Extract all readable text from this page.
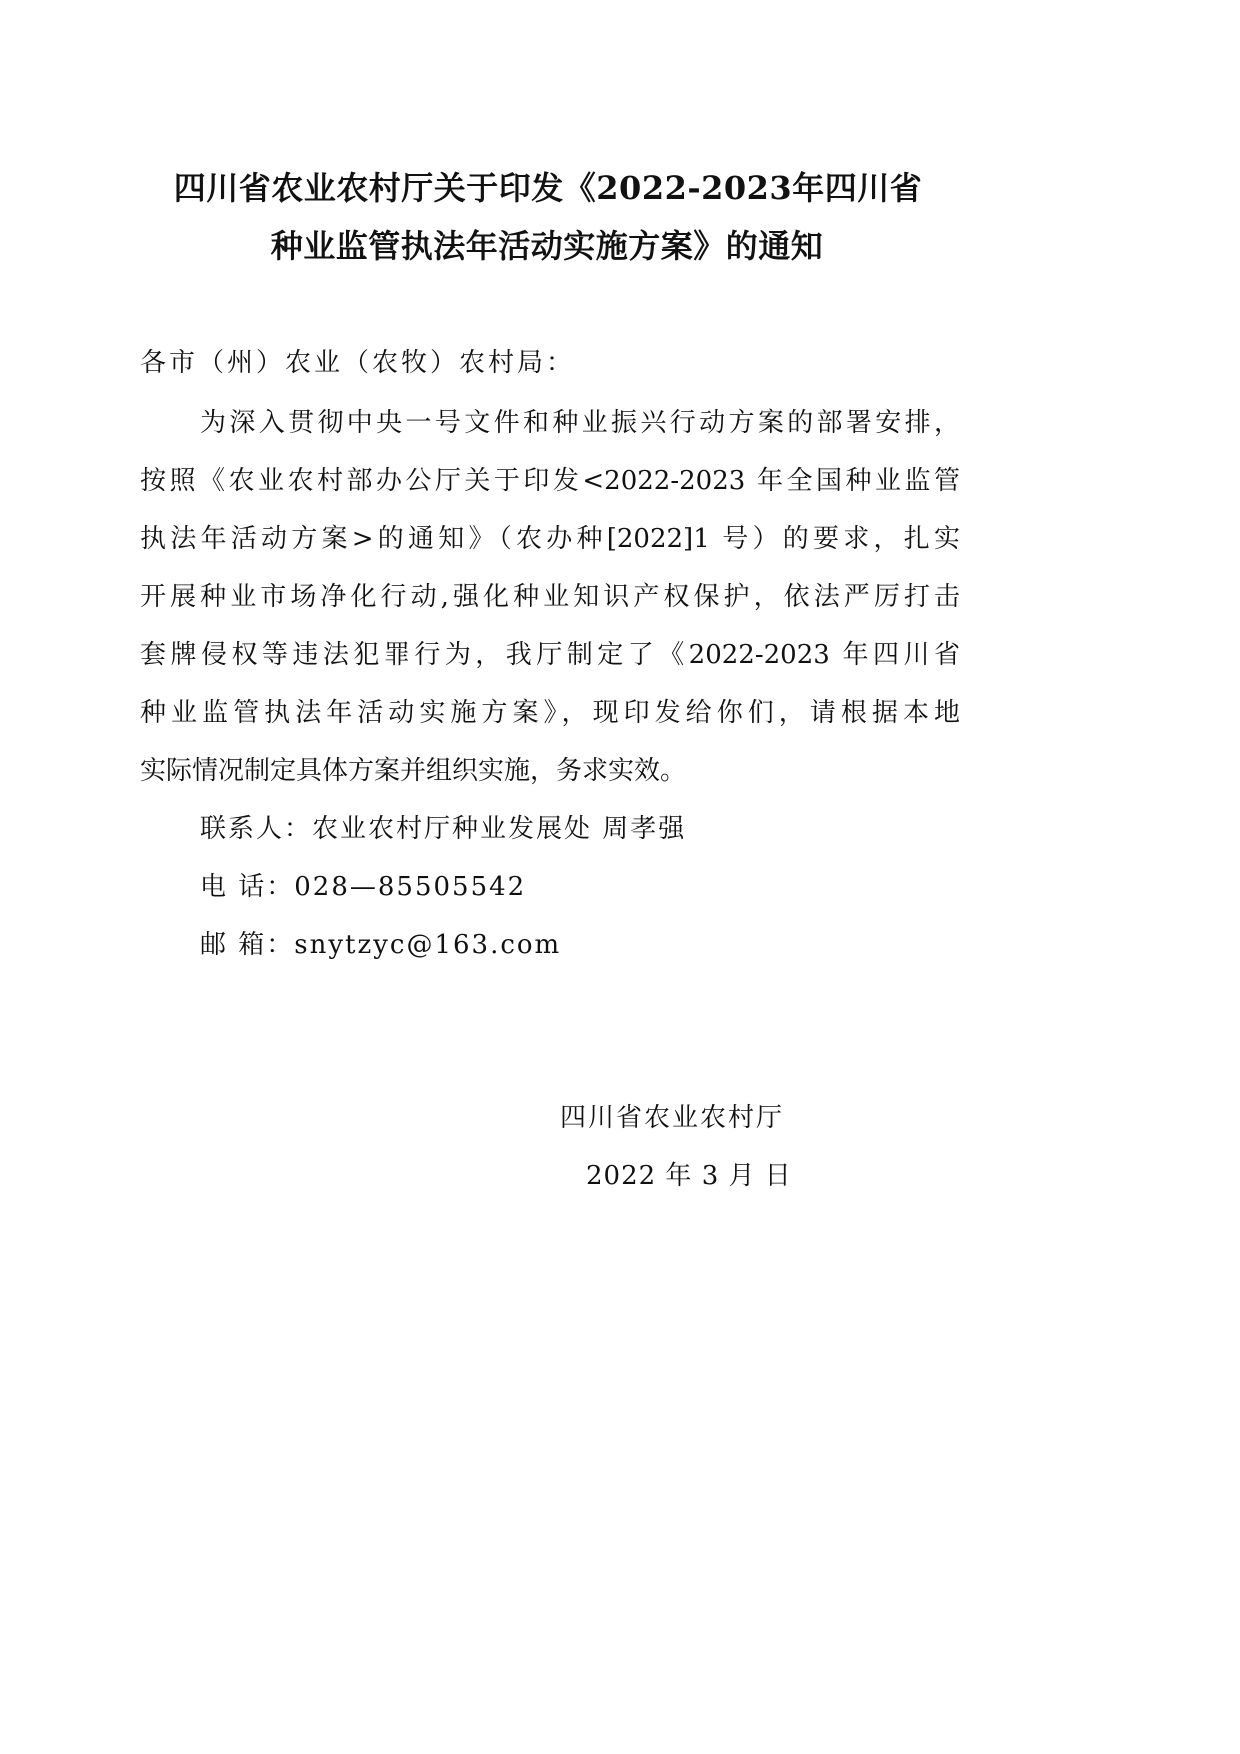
四川省农业农村厅关于印发《2022-2023年四川省
种业监管执法年活动实施方案》的通知
各市（州）农业（农牧）农村局：
为深入贯彻中央一号文件和种业振兴行动方案的部署安排，
按照《农业农村部办公厅关于印发<2022-2023 年全国种业监管
执法年活动方案>的通知》（农办种[2022]1 号）的要求，扎实
开展种业市场净化行动,强化种业知识产权保护，依法严厉打击
套牌侵权等违法犯罪行为，我厅制定了《2022-2023 年四川省
种业监管执法年活动实施方案》，现印发给你们，请根据本地
实际情况制定具体方案并组织实施，务求实效。
联系人：农业农村厅种业发展处 周孝强
电 话：028—85505542
邮 箱：snytzyc@163.com
四川省农业农村厅
2022 年 3 月 日
